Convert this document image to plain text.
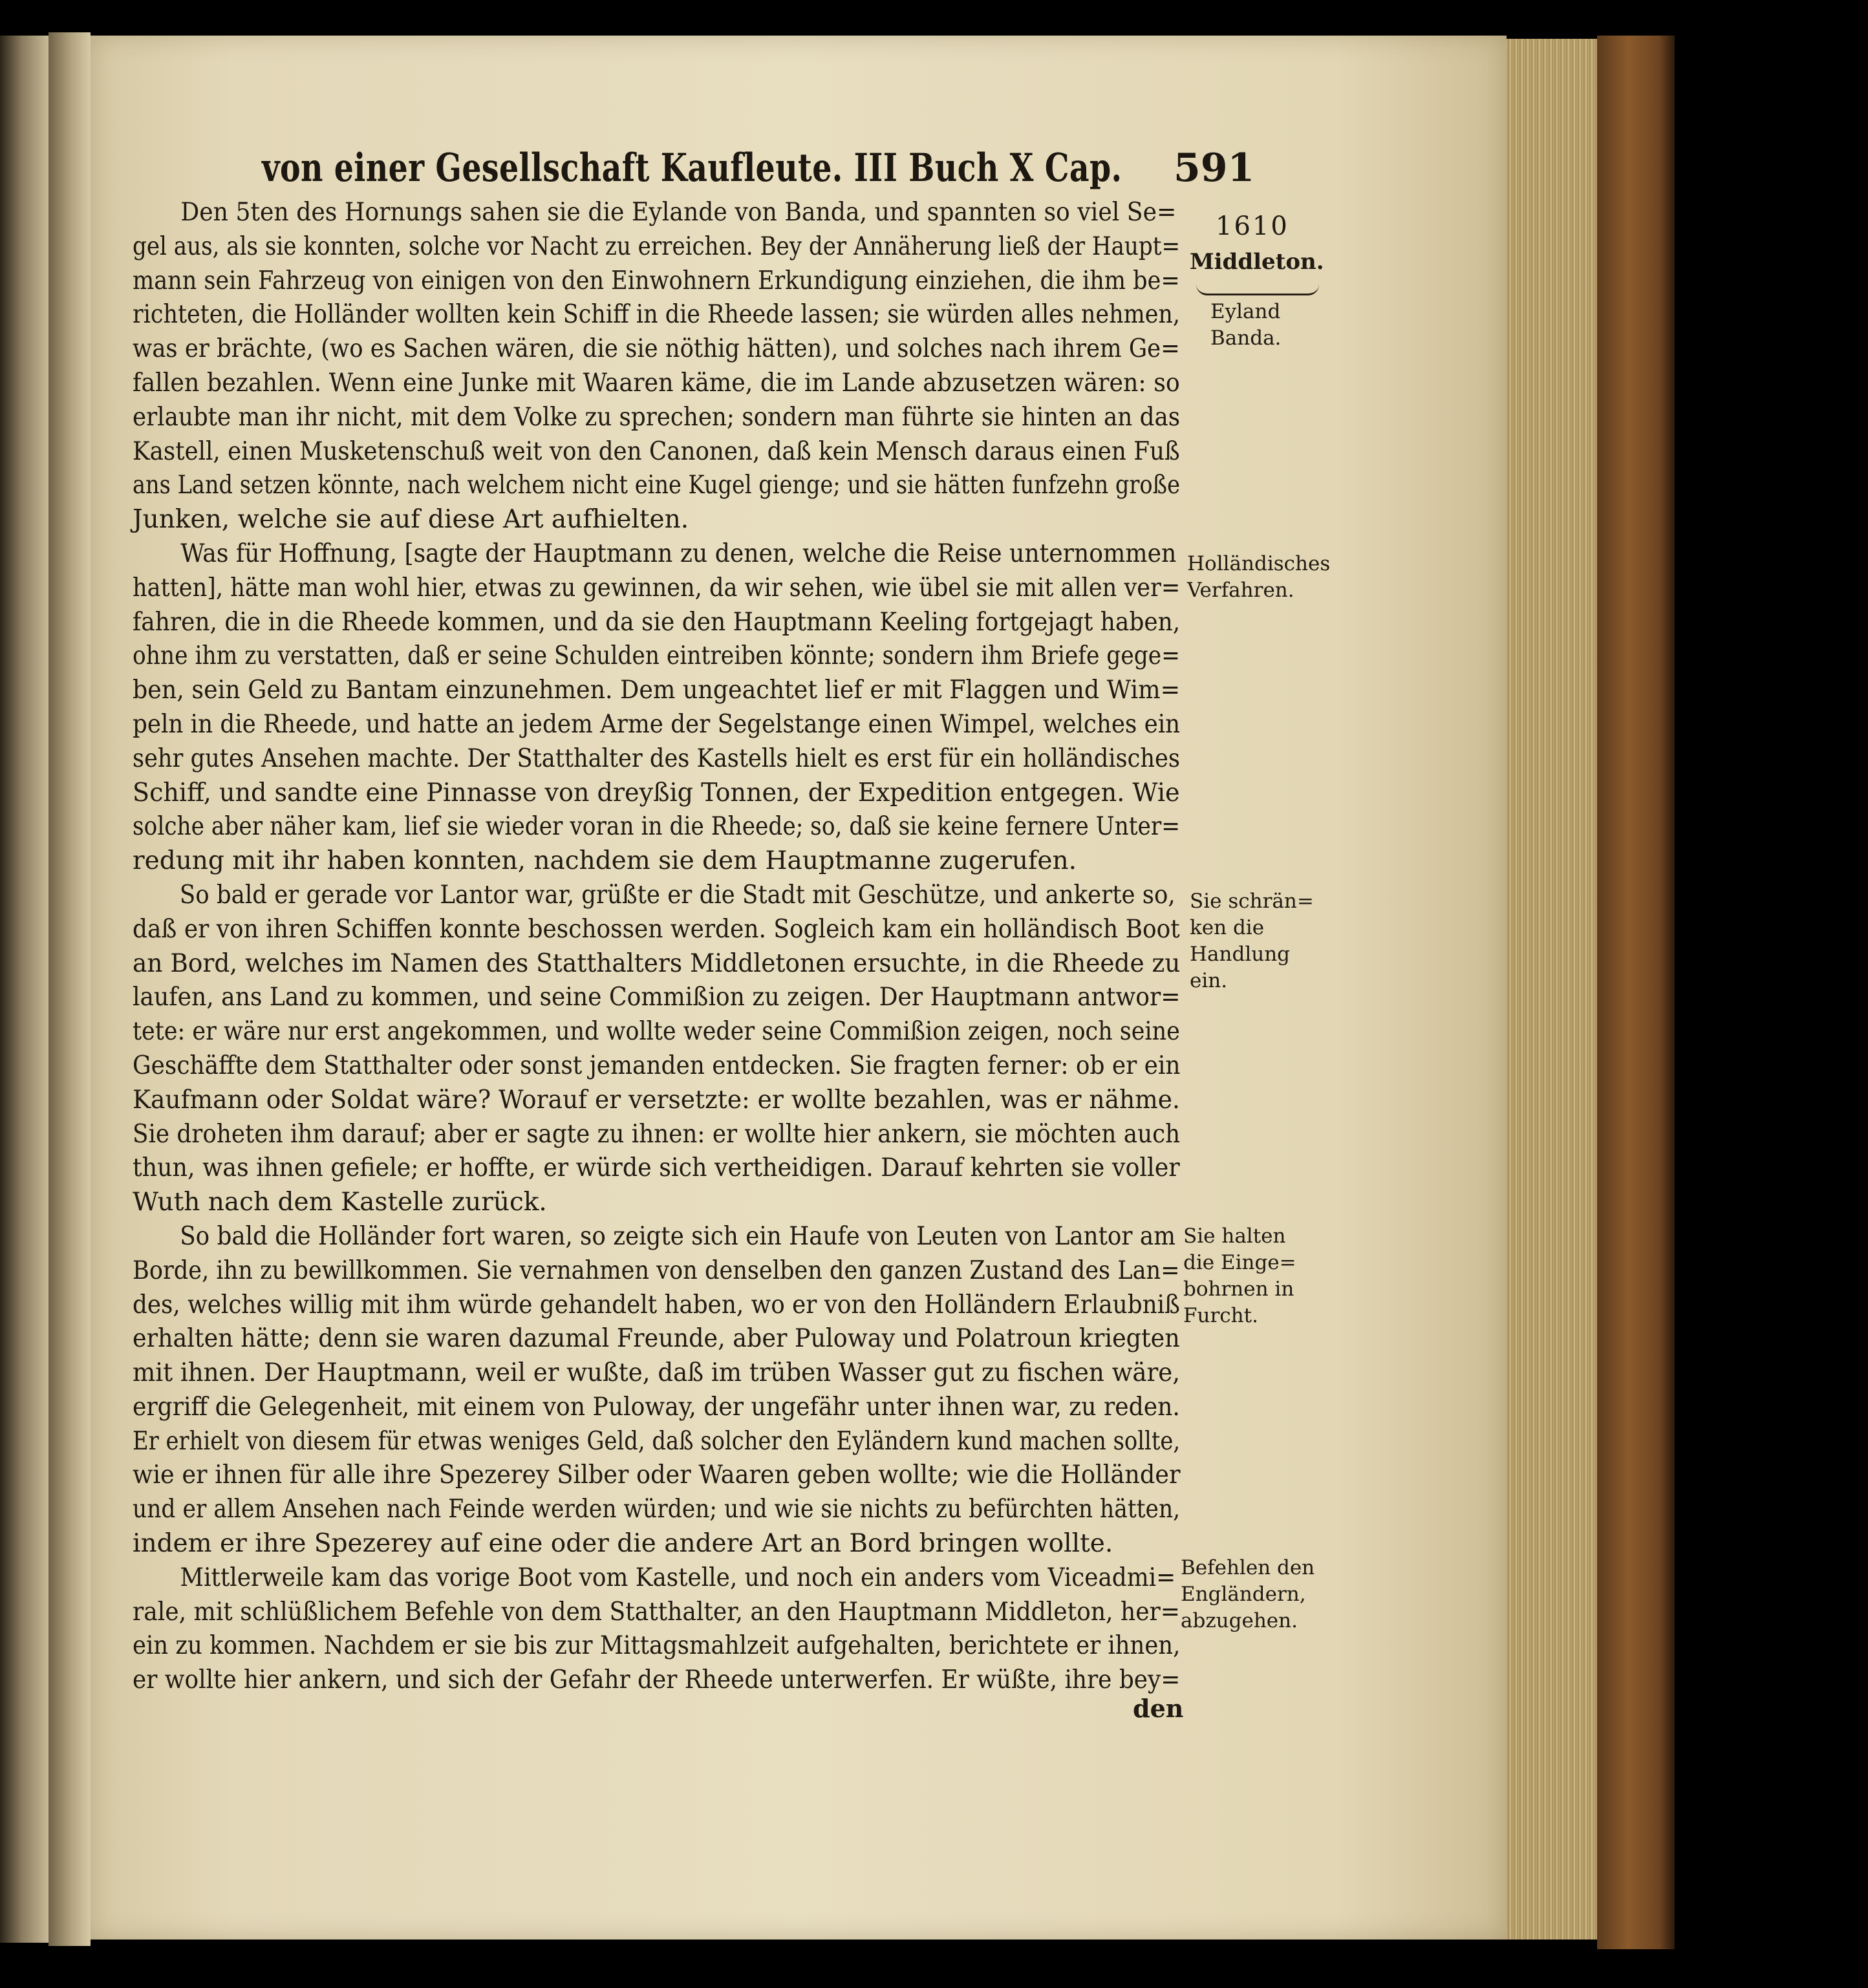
von einer Gesellschaft Kaufleute. III Buch X Cap. 591
Den 5ten des Hornungs sahen sie die Eylande von Banda, und spannten so viel Se=
gel aus, als sie konnten, solche vor Nacht zu erreichen. Bey der Annäherung ließ der Haupt=
mann sein Fahrzeug von einigen von den Einwohnern Erkundigung einziehen, die ihm be=
richteten, die Holländer wollten kein Schiff in die Rheede lassen; sie würden alles nehmen,
was er brächte, (wo es Sachen wären, die sie nöthig hätten), und solches nach ihrem Ge=
fallen bezahlen. Wenn eine Junke mit Waaren käme, die im Lande abzusetzen wären: so
erlaubte man ihr nicht, mit dem Volke zu sprechen; sondern man führte sie hinten an das
Kastell, einen Musketenschuß weit von den Canonen, daß kein Mensch daraus einen Fuß
ans Land setzen könnte, nach welchem nicht eine Kugel gienge; und sie hätten funfzehn große
Junken, welche sie auf diese Art aufhielten.
Was für Hoffnung, [sagte der Hauptmann zu denen, welche die Reise unternommen
hatten], hätte man wohl hier, etwas zu gewinnen, da wir sehen, wie übel sie mit allen ver=
fahren, die in die Rheede kommen, und da sie den Hauptmann Keeling fortgejagt haben,
ohne ihm zu verstatten, daß er seine Schulden eintreiben könnte; sondern ihm Briefe gege=
ben, sein Geld zu Bantam einzunehmen. Dem ungeachtet lief er mit Flaggen und Wim=
peln in die Rheede, und hatte an jedem Arme der Segelstange einen Wimpel, welches ein
sehr gutes Ansehen machte. Der Statthalter des Kastells hielt es erst für ein holländisches
Schiff, und sandte eine Pinnasse von dreyßig Tonnen, der Expedition entgegen. Wie
solche aber näher kam, lief sie wieder voran in die Rheede; so, daß sie keine fernere Unter=
redung mit ihr haben konnten, nachdem sie dem Hauptmanne zugerufen.
So bald er gerade vor Lantor war, grüßte er die Stadt mit Geschütze, und ankerte so,
daß er von ihren Schiffen konnte beschossen werden. Sogleich kam ein holländisch Boot
an Bord, welches im Namen des Statthalters Middletonen ersuchte, in die Rheede zu
laufen, ans Land zu kommen, und seine Commißion zu zeigen. Der Hauptmann antwor=
tete: er wäre nur erst angekommen, und wollte weder seine Commißion zeigen, noch seine
Geschäffte dem Statthalter oder sonst jemanden entdecken. Sie fragten ferner: ob er ein
Kaufmann oder Soldat wäre? Worauf er versetzte: er wollte bezahlen, was er nähme.
Sie droheten ihm darauf; aber er sagte zu ihnen: er wollte hier ankern, sie möchten auch
thun, was ihnen gefiele; er hoffte, er würde sich vertheidigen. Darauf kehrten sie voller
Wuth nach dem Kastelle zurück.
So bald die Holländer fort waren, so zeigte sich ein Haufe von Leuten von Lantor am
Borde, ihn zu bewillkommen. Sie vernahmen von denselben den ganzen Zustand des Lan=
des, welches willig mit ihm würde gehandelt haben, wo er von den Holländern Erlaubniß
erhalten hätte; denn sie waren dazumal Freunde, aber Puloway und Polatroun kriegten
mit ihnen. Der Hauptmann, weil er wußte, daß im trüben Wasser gut zu fischen wäre,
ergriff die Gelegenheit, mit einem von Puloway, der ungefähr unter ihnen war, zu reden.
Er erhielt von diesem für etwas weniges Geld, daß solcher den Eyländern kund machen sollte,
wie er ihnen für alle ihre Spezerey Silber oder Waaren geben wollte; wie die Holländer
und er allem Ansehen nach Feinde werden würden; und wie sie nichts zu befürchten hätten,
indem er ihre Spezerey auf eine oder die andere Art an Bord bringen wollte.
Mittlerweile kam das vorige Boot vom Kastelle, und noch ein anders vom Viceadmi=
rale, mit schlüßlichem Befehle von dem Statthalter, an den Hauptmann Middleton, her=
ein zu kommen. Nachdem er sie bis zur Mittagsmahlzeit aufgehalten, berichtete er ihnen,
er wollte hier ankern, und sich der Gefahr der Rheede unterwerfen. Er wüßte, ihre bey=
den
1610
Middleton.
Eyland
Banda.
Holländisches
Verfahren.
Sie schrän=
ken die
Handlung
ein.
Sie halten
die Einge=
bohrnen in
Furcht.
Befehlen den
Engländern,
abzugehen.
